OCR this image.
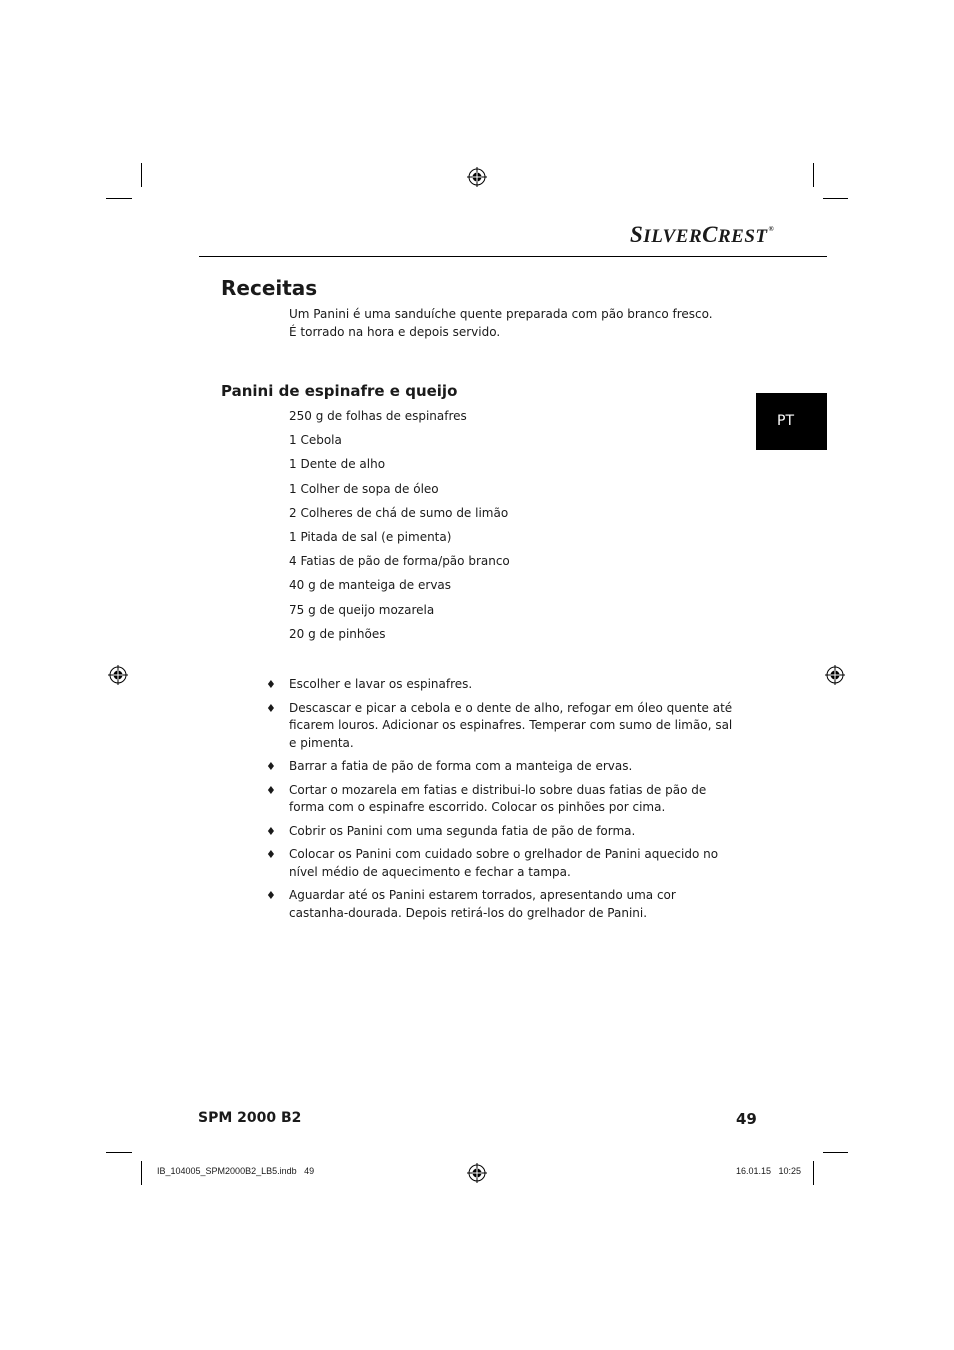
SILVERCREST®
Receitas
Um Panini é uma sanduíche quente preparada com pão branco fresco.
É torrado na hora e depois servido.
PT
Panini de espinafre e queijo
250 g de folhas de espinafres
1 Cebola
1 Dente de alho
1 Colher de sopa de óleo
2 Colheres de chá de sumo de limão
1 Pitada de sal (e pimenta)
4 Fatias de pão de forma/pão branco
40 g de manteiga de ervas
75 g de queijo mozarela
20 g de pinhões
♦ Escolher e lavar os espinafres.
♦ Descascar e picar a cebola e o dente de alho, refogar em óleo quente até ficarem louros. Adicionar os espinafres. Temperar com sumo de limão, sal e pimenta.
♦ Barrar a fatia de pão de forma com a manteiga de ervas.
♦ Cortar o mozarela em fatias e distribui-lo sobre duas fatias de pão de forma com o espinafre escorrido. Colocar os pinhões por cima.
♦ Cobrir os Panini com uma segunda fatia de pão de forma.
♦ Colocar os Panini com cuidado sobre o grelhador de Panini aquecido no nível médio de aquecimento e fechar a tampa.
♦ Aguardar até os Panini estarem torrados, apresentando uma cor castanha-dourada. Depois retirá-los do grelhador de Panini.
SPM 2000 B2	49
IB_104005_SPM2000B2_LB5.indb   49	16.01.15   10:25
